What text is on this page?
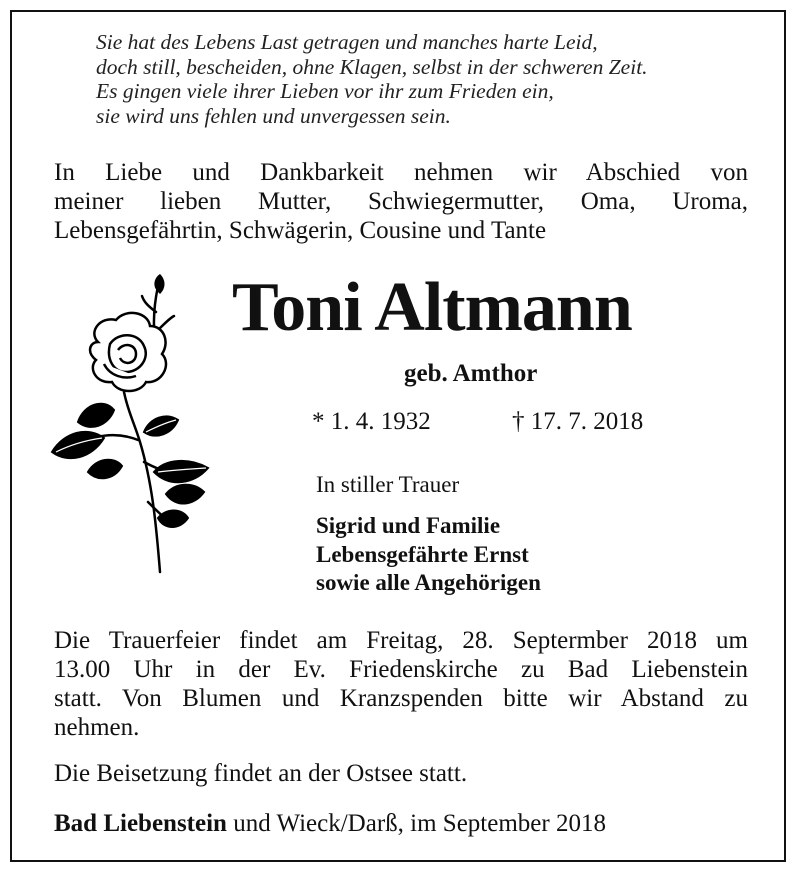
Sie hat des Lebens Last getragen und manches harte Leid,
doch still, bescheiden, ohne Klagen, selbst in der schweren Zeit.
Es gingen viele ihrer Lieben vor ihr zum Frieden ein,
sie wird uns fehlen und unvergessen sein.
In Liebe und Dankbarkeit nehmen wir Abschied von
meiner lieben Mutter, Schwiegermutter, Oma, Uroma,
Lebensgefährtin, Schwägerin, Cousine und Tante
Toni Altmann
geb. Amthor
* 1. 4. 1932	† 17. 7. 2018
In stiller Trauer
Sigrid und Familie
Lebensgefährte Ernst
sowie alle Angehörigen
Die Trauerfeier findet am Freitag, 28. Septermber 2018 um
13.00 Uhr in der Ev. Friedenskirche zu Bad Liebenstein
statt. Von Blumen und Kranzspenden bitte wir Abstand zu
nehmen.
Die Beisetzung findet an der Ostsee statt.
Bad Liebenstein und Wieck/Darß, im September 2018
